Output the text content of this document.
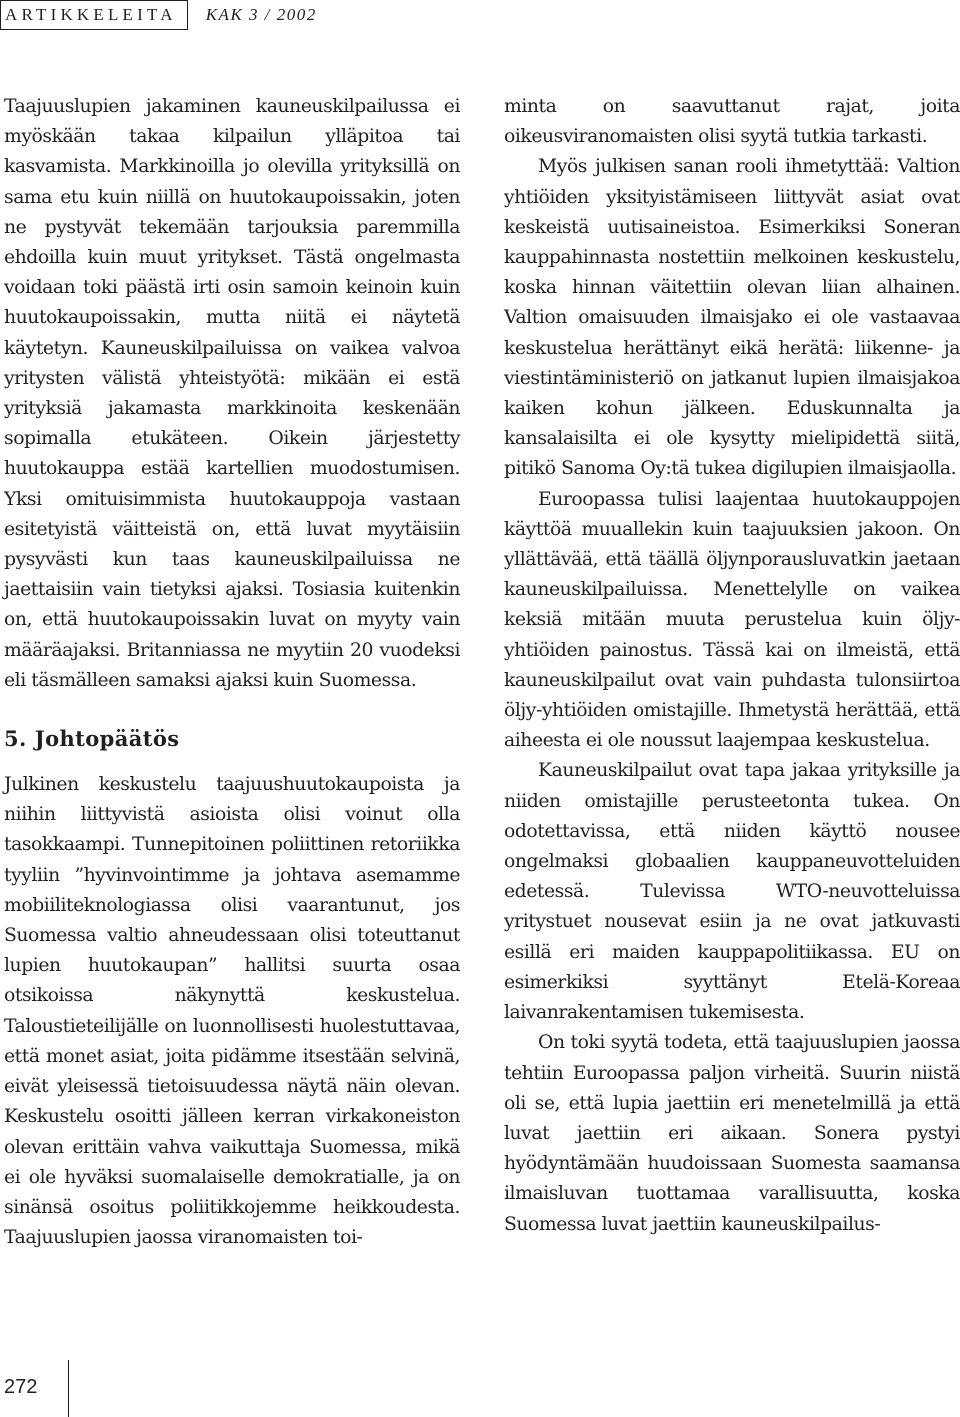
ARTIKKELEITA	KAK 3 / 2002

Taajuuslupien jakaminen kauneuskilpailussa ei myöskään takaa kilpailun ylläpitoa tai kasvamista. Markkinoilla jo olevilla yrityksillä on sama etu kuin niillä on huutokaupoissakin, joten ne pystyvät tekemään tarjouksia paremmilla ehdoilla kuin muut yritykset. Tästä ongelmasta voidaan toki päästä irti osin samoin keinoin kuin huutokaupoissakin, mutta niitä ei näytetä käytetyn. Kauneuskilpailuissa on vaikea valvoa yritysten välistä yhteistyötä: mikään ei estä yrityksiä jakamasta markkinoita keskenään sopimalla etukäteen. Oikein järjestetty huutokauppa estää kartellien muodostumisen. Yksi omituisimmista huutokauppoja vastaan esitetyistä väitteistä on, että luvat myytäisiin pysyvästi kun taas kauneuskilpailuissa ne jaettaisiin vain tietyksi ajaksi. Tosiasia kuitenkin on, että huutokaupoissakin luvat on myyty vain määräajaksi. Britanniassa ne myytiin 20 vuodeksi eli täsmälleen samaksi ajaksi kuin Suomessa.

5. Johtopäätös

Julkinen keskustelu taajuushuutokaupoista ja niihin liittyvistä asioista olisi voinut olla tasokkaampi. Tunnepitoinen poliittinen retoriikka tyyliin ”hyvinvointimme ja johtava asemamme mobiiliteknologiassa olisi vaarantunut, jos Suomessa valtio ahneudessaan olisi toteuttanut lupien huutokaupan” hallitsi suurta osaa otsikoissa näkynyttä keskustelua. Taloustieteilijälle on luonnollisesti huolestuttavaa, että monet asiat, joita pidämme itsestään selvinä, eivät yleisessä tietoisuudessa näytä näin olevan. Keskustelu osoitti jälleen kerran virkakoneiston olevan erittäin vahva vaikuttaja Suomessa, mikä ei ole hyväksi suomalaiselle demokratialle, ja on sinänsä osoitus poliitikkojemme heikkoudesta. Taajuuslupien jaossa viranomaisten toi-

minta on saavuttanut rajat, joita oikeusviranomaisten olisi syytä tutkia tarkasti.

Myös julkisen sanan rooli ihmetyttää: Valtion yhtiöiden yksityistämiseen liittyvät asiat ovat keskeistä uutisaineistoa. Esimerkiksi Soneran kauppahinnasta nostettiin melkoinen keskustelu, koska hinnan väitettiin olevan liian alhainen. Valtion omaisuuden ilmaisjako ei ole vastaavaa keskustelua herättänyt eikä herätä: liikenne- ja viestintäministeriö on jatkanut lupien ilmaisjakoa kaiken kohun jälkeen. Eduskunnalta ja kansalaisilta ei ole kysytty mielipidettä siitä, pitikö Sanoma Oy:tä tukea digilupien ilmaisjaolla.

Euroopassa tulisi laajentaa huutokauppojen käyttöä muuallekin kuin taajuuksien jakoon. On yllättävää, että täällä öljynporausluvatkin jaetaan kauneuskilpailuissa. Menettelylle on vaikea keksiä mitään muuta perustelua kuin öljy-yhtiöiden painostus. Tässä kai on ilmeistä, että kauneuskilpailut ovat vain puhdasta tulonsiirtoa öljy-yhtiöiden omistajille. Ihmetystä herättää, että aiheesta ei ole noussut laajempaa keskustelua.

Kauneuskilpailut ovat tapa jakaa yrityksille ja niiden omistajille perusteetonta tukea. On odotettavissa, että niiden käyttö nousee ongelmaksi globaalien kauppaneuvotteluiden edetessä. Tulevissa WTO-neuvotteluissa yritystuet nousevat esiin ja ne ovat jatkuvasti esillä eri maiden kauppapolitiikassa. EU on esimerkiksi syyttänyt Etelä-Koreaa laivanrakentamisen tukemisesta.

On toki syytä todeta, että taajuuslupien jaossa tehtiin Euroopassa paljon virheitä. Suurin niistä oli se, että lupia jaettiin eri menetelmillä ja että luvat jaettiin eri aikaan. Sonera pystyi hyödyntämään huudoissaan Suomesta saamansa ilmaisluvan tuottamaa varallisuutta, koska Suomessa luvat jaettiin kauneuskilpailus-

272
